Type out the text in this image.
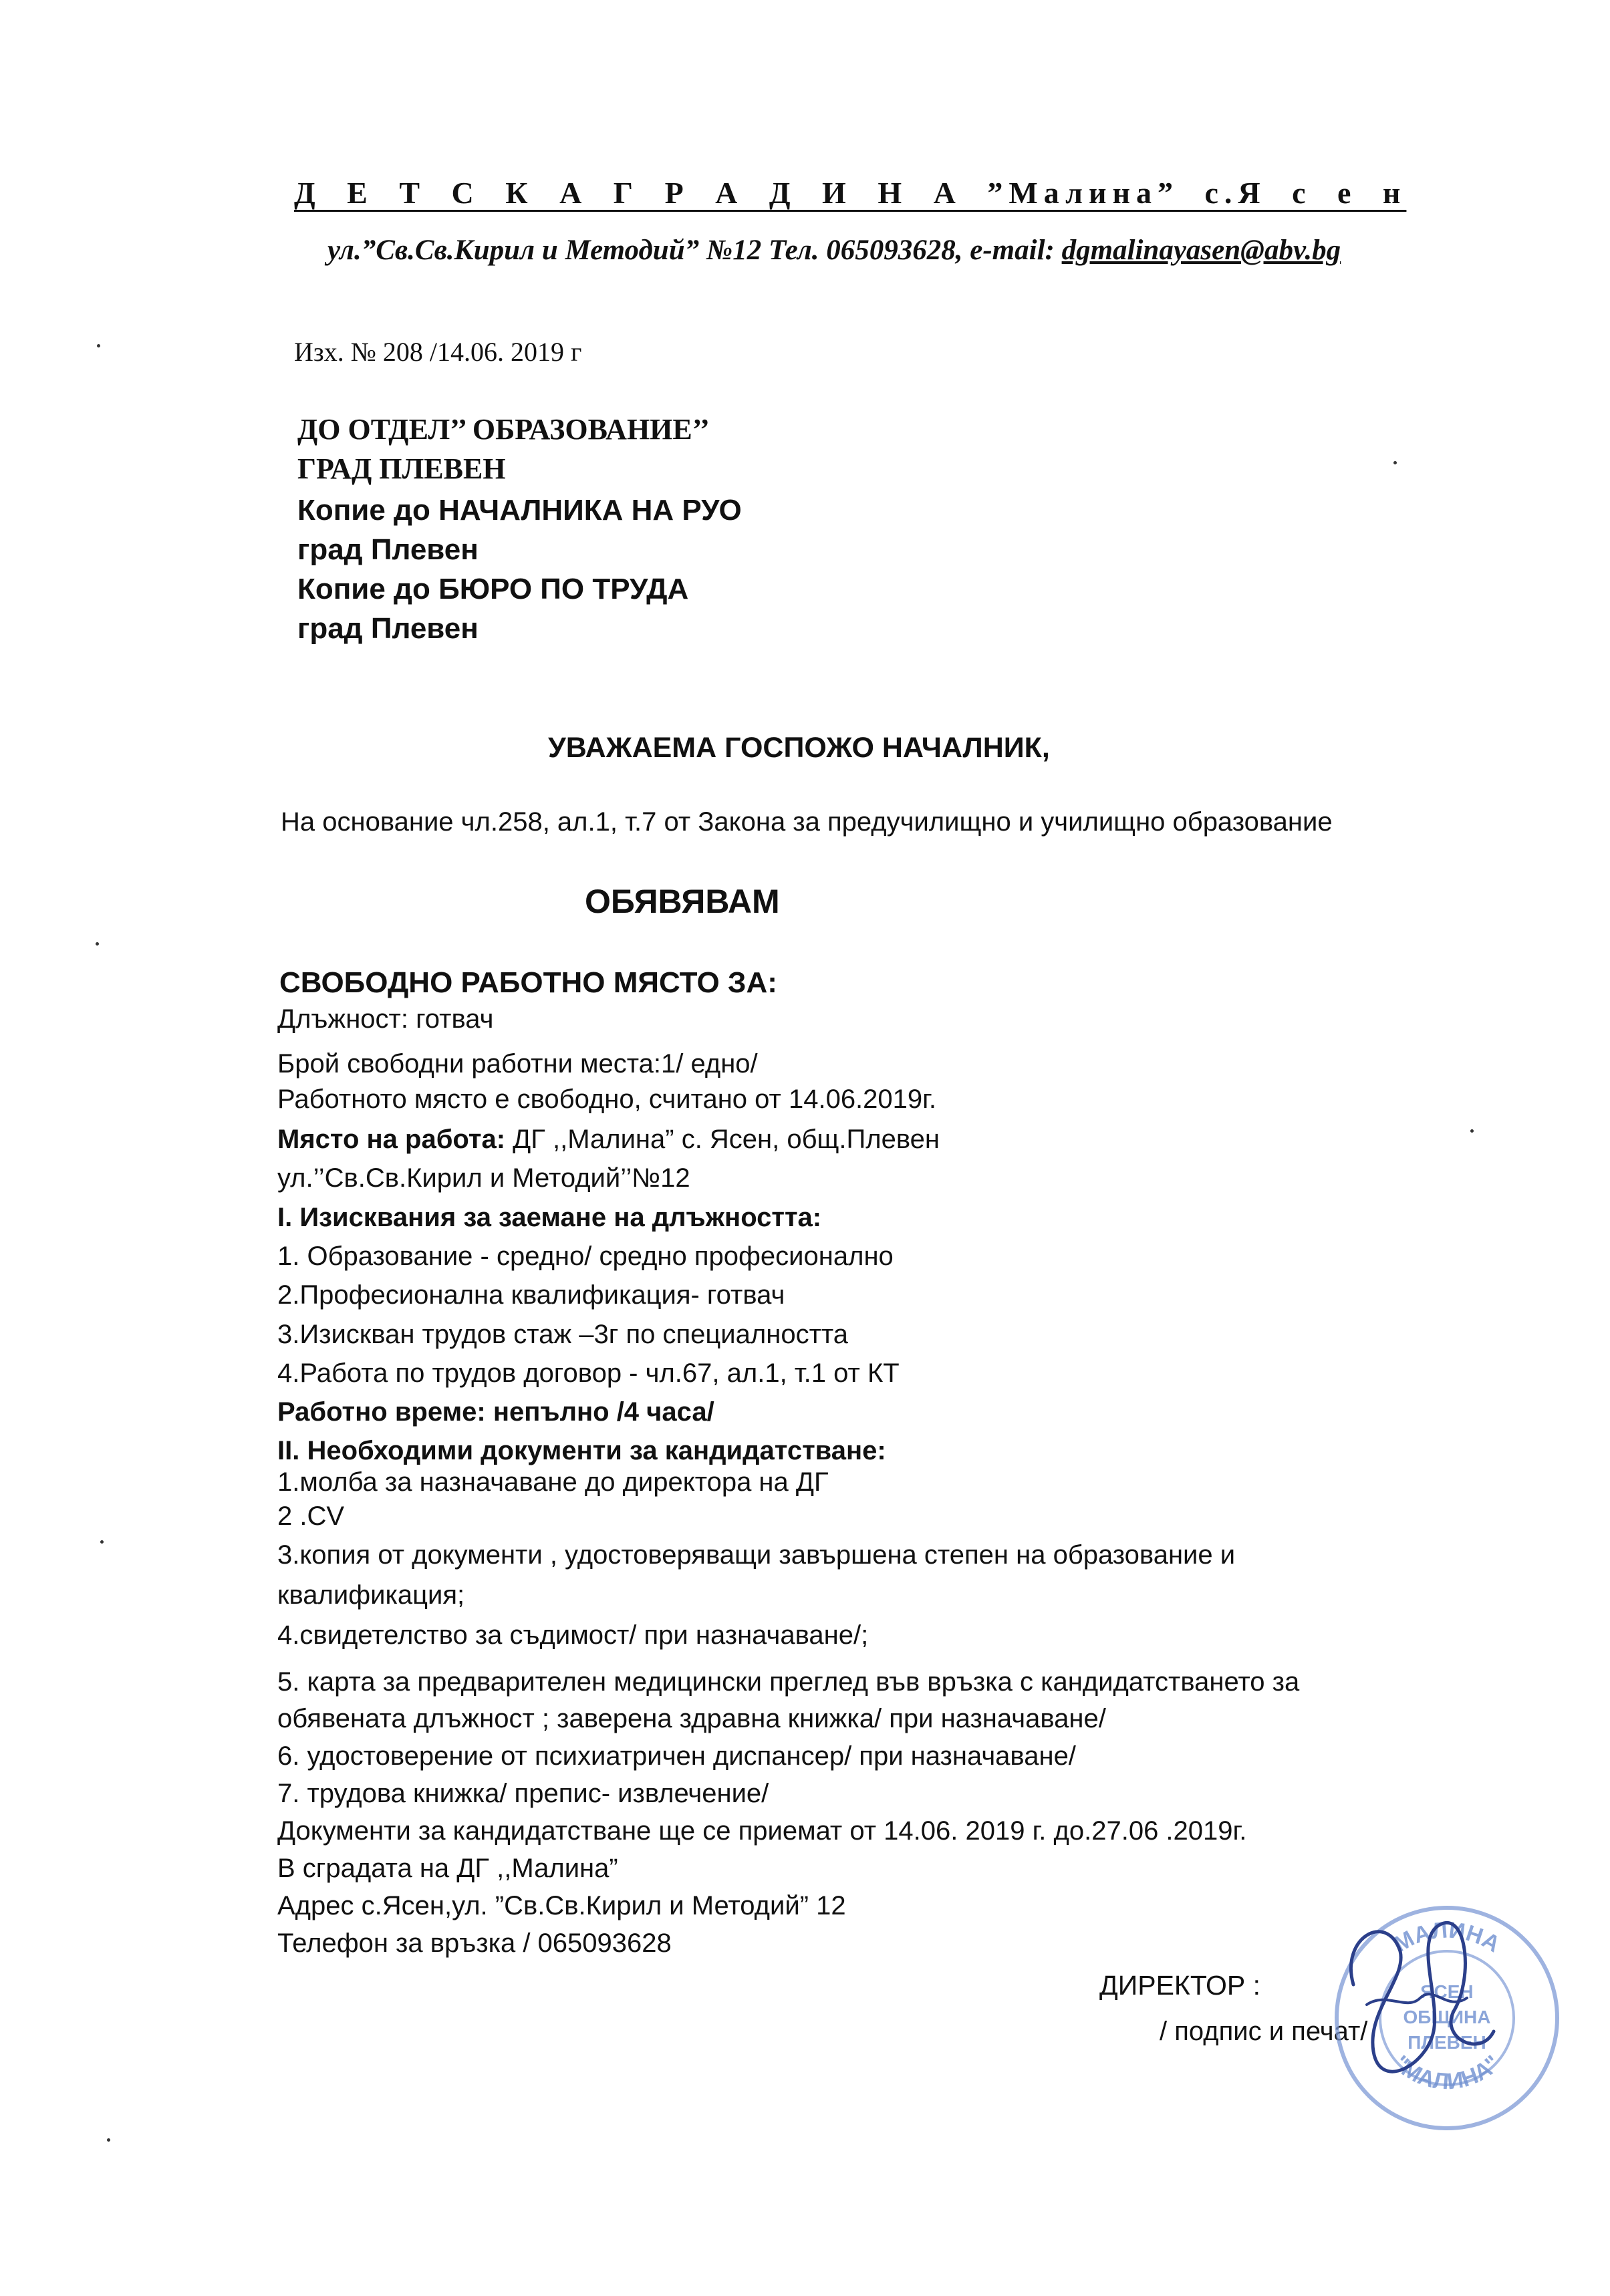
Д Е Т С К А Г Р А Д И Н А ”Малина” с.Я с е н
ул.”Св.Св.Кирил и Методий” №12 Тел. 065093628, e-mail: dgmalinayasen@abv.bg
Изх. № 208 /14.06. 2019 г
ДО ОТДЕЛ’’ ОБРАЗОВАНИЕ’’
ГРАД ПЛЕВЕН
Копие до НАЧАЛНИКА НА РУО
град Плевен
Копие до БЮРО ПО ТРУДА
град Плевен
УВАЖАЕМА ГОСПОЖО НАЧАЛНИК,
На основание чл.258, ал.1, т.7 от Закона за предучилищно и училищно образование
ОБЯВЯВАМ
СВОБОДНО РАБОТНО МЯСТО ЗА:
Длъжност: готвач
Брой свободни работни места:1/ едно/
Работното място е свободно, считано от 14.06.2019г.
Място на работа: ДГ ,,Малина” с. Ясен, общ.Плевен
ул.’’Св.Св.Кирил и Методий’’№12
I. Изисквания за заемане на длъжността:
1. Образование - средно/ средно професионално
2.Професионална квалификация- готвач
3.Изискван трудов стаж –3г по специалността
4.Работа по трудов договор - чл.67, ал.1, т.1 от КТ
Работно време: непълно /4 часа/
II. Необходими документи за кандидатстване:
1.молба за назначаване до директора на ДГ
2 .CV
3.копия от документи , удостоверяващи завършена степен на образование и
квалификация;
4.свидетелство за съдимост/ при назначаване/;
5. карта за предварителен медицински преглед във връзка с кандидатстването за
обявената длъжност ; заверена здравна книжка/ при назначаване/
6. удостоверение от психиатричен диспансер/ при назначаване/
7. трудова книжка/ препис- извлечение/
Документи за кандидатстване ще се приемат от 14.06. 2019 г. до.27.06 .2019г.
В сградата на ДГ ,,Малина”
Адрес с.Ясен,ул. ”Св.Св.Кирил и Методий” 12
Телефон за връзка / 065093628
ДИРЕКТОР :
/ подпис и печат/
МАЛИНА
"МАЛИНА"
ЯСЕН
ОБЩИНА
ПЛЕВЕН
